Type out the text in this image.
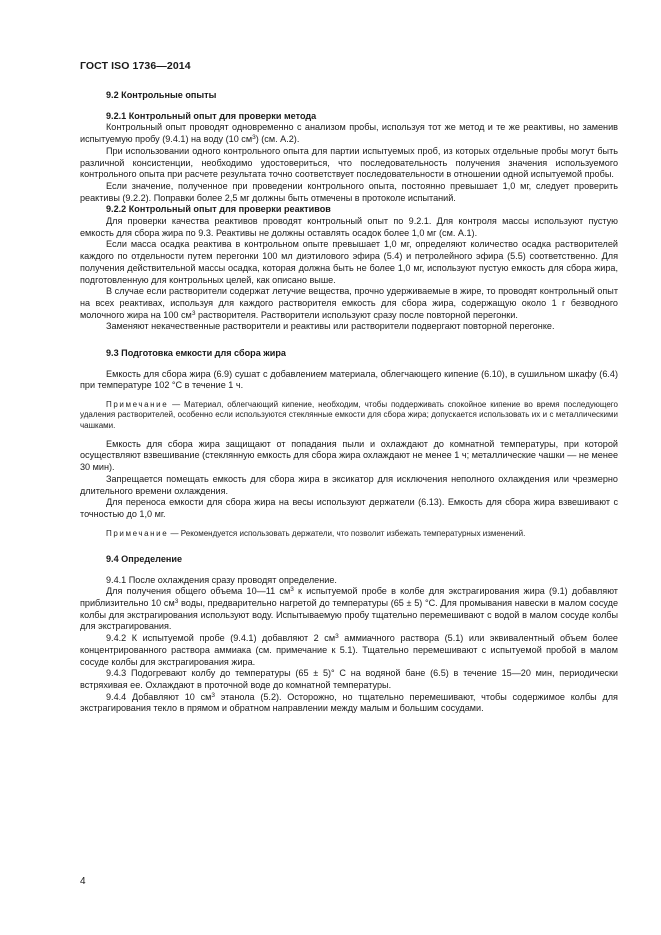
ГОСТ ISO 1736—2014
9.2 Контрольные опыты
9.2.1 Контрольный опыт для проверки метода

Контрольный опыт проводят одновременно с анализом пробы, используя тот же метод и те же реактивы, но заменив испытуемую пробу (9.4.1) на воду (10 $см^3$) (см. А.2).

При использовании одного контрольного опыта для партии испытуемых проб, из которых отдельные пробы могут быть различной консистенции, необходимо удостовериться, что последовательность получения значения используемого контрольного опыта при расчете результата точно соответствует последовательности в отношении одной испытуемой пробы.

Если значение, полученное при проведении контрольного опыта, постоянно превышает 1,0 мг, следует проверить реактивы (9.2.2). Поправки более 2,5 мг должны быть отмечены в протоколе испытаний.

9.2.2 Контрольный опыт для проверки реактивов

Для проверки качества реактивов проводят контрольный опыт по 9.2.1. Для контроля массы используют пустую емкость для сбора жира по 9.3. Реактивы не должны оставлять осадок более 1,0 мг (см. А.1).

Если масса осадка реактива в контрольном опыте превышает 1,0 мг, определяют количество осадка растворителей каждого по отдельности путем перегонки 100 мл диэтилового эфира (5.4) и петролейного эфира (5.5) соответственно. Для получения действительной массы осадка, которая должна быть не более 1,0 мг, используют пустую емкость для сбора жира, подготовленную для контрольных целей, как описано выше.

В случае если растворители содержат летучие вещества, прочно удерживаемые в жире, то проводят контрольный опыт на всех реактивах, используя для каждого растворителя емкость для сбора жира, содержащую около 1 г безводного молочного жира на 100 $см^3$ растворителя. Растворители используют сразу после повторной перегонки.

Заменяют некачественные растворители и реактивы или растворители подвергают повторной перегонке.

9.3 Подготовка емкости для сбора жира

Емкость для сбора жира (6.9) сушат с добавлением материала, облегчающего кипение (6.10), в сушильном шкафу (6.4) при температуре 102 °C в течение 1 ч.

Примечание — Материал, облегчающий кипение, необходим, чтобы поддерживать спокойное кипение во время последующего удаления растворителей, особенно если используются стеклянные емкости для сбора жира; допускается использовать их и с металлическими чашками.

Емкость для сбора жира защищают от попадания пыли и охлаждают до комнатной температуры, при которой осуществляют взвешивание (стеклянную емкость для сбора жира охлаждают не менее 1 ч; металлические чашки — не менее 30 мин).

Запрещается помещать емкость для сбора жира в эксикатор для исключения неполного охлаждения или чрезмерно длительного времени охлаждения.

Для переноса емкости для сбора жира на весы используют держатели (6.13). Емкость для сбора жира взвешивают с точностью до 1,0 мг.

Примечание — Рекомендуется использовать держатели, что позволит избежать температурных изменений.

9.4 Определение

9.4.1 После охлаждения сразу проводят определение.

Для получения общего объема 10—11 $см^3$ к испытуемой пробе в колбе для экстрагирования жира (9.1) добавляют приблизительно 10 $см^3$ воды, предварительно нагретой до температуры (65 ± 5) °C. Для промывания навески в малом сосуде колбы для экстрагирования используют воду. Испытываемую пробу тщательно перемешивают с водой в малом сосуде колбы для экстрагирования.

9.4.2 К испытуемой пробе (9.4.1) добавляют 2 $см^3$ аммиачного раствора (5.1) или эквивалентный объем более концентрированного раствора аммиака (см. примечание к 5.1). Тщательно перемешивают с испытуемой пробой в малом сосуде колбы для экстрагирования жира.

9.4.3 Подогревают колбу до температуры (65 ± 5)° C на водяной бане (6.5) в течение 15—20 мин, периодически встряхивая ее. Охлаждают в проточной воде до комнатной температуры.

9.4.4 Добавляют 10 $см^3$ этанола (5.2). Осторожно, но тщательно перемешивают, чтобы содержимое колбы для экстрагирования текло в прямом и обратном направлении между малым и большим сосудами.

4
